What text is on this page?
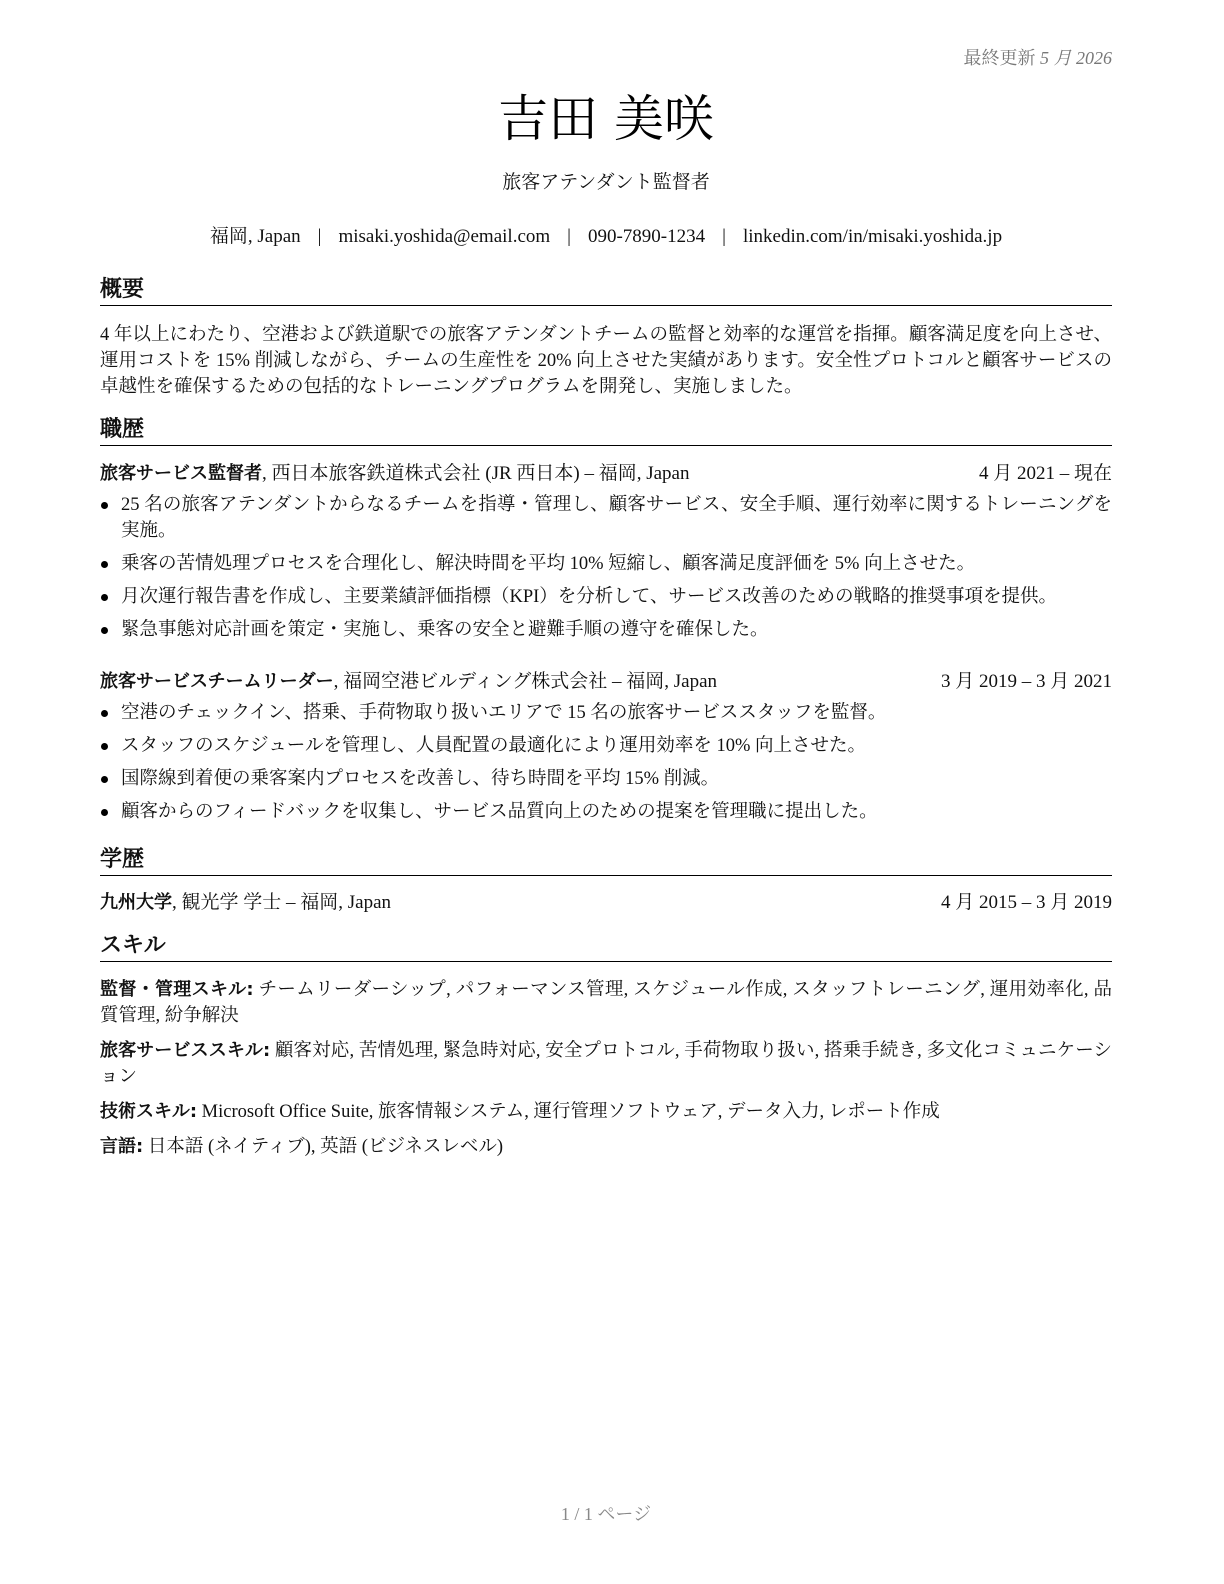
最終更新 5 月 2026
吉田 美咲
旅客アテンダント監督者
福岡, Japan | misaki.yoshida@email.com | 090-7890-1234 | linkedin.com/in/misaki.yoshida.jp
概要
4 年以上にわたり、空港および鉄道駅での旅客アテンダントチームの監督と効率的な運営を指揮。顧客満足度を向上させ、運用コストを 15% 削減しながら、チームの生産性を 20% 向上させた実績があります。安全性プロトコルと顧客サービスの卓越性を確保するための包括的なトレーニングプログラムを開発し、実施しました。
職歴
旅客サービス監督者, 西日本旅客鉄道株式会社 (JR 西日本) – 福岡, Japan	4 月 2021 – 現在
25 名の旅客アテンダントからなるチームを指導・管理し、顧客サービス、安全手順、運行効率に関するトレーニングを実施。
乗客の苦情処理プロセスを合理化し、解決時間を平均 10% 短縮し、顧客満足度評価を 5% 向上させた。
月次運行報告書を作成し、主要業績評価指標（KPI）を分析して、サービス改善のための戦略的推奨事項を提供。
緊急事態対応計画を策定・実施し、乗客の安全と避難手順の遵守を確保した。
旅客サービスチームリーダー, 福岡空港ビルディング株式会社 – 福岡, Japan	3 月 2019 – 3 月 2021
空港のチェックイン、搭乗、手荷物取り扱いエリアで 15 名の旅客サービススタッフを監督。
スタッフのスケジュールを管理し、人員配置の最適化により運用効率を 10% 向上させた。
国際線到着便の乗客案内プロセスを改善し、待ち時間を平均 15% 削減。
顧客からのフィードバックを収集し、サービス品質向上のための提案を管理職に提出した。
学歴
九州大学, 観光学 学士 – 福岡, Japan	4 月 2015 – 3 月 2019
スキル
監督・管理スキル: チームリーダーシップ, パフォーマンス管理, スケジュール作成, スタッフトレーニング, 運用効率化, 品質管理, 紛争解決
旅客サービススキル: 顧客対応, 苦情処理, 緊急時対応, 安全プロトコル, 手荷物取り扱い, 搭乗手続き, 多文化コミュニケーション
技術スキル: Microsoft Office Suite, 旅客情報システム, 運行管理ソフトウェア, データ入力, レポート作成
言語: 日本語 (ネイティブ), 英語 (ビジネスレベル)
1 / 1 ページ
